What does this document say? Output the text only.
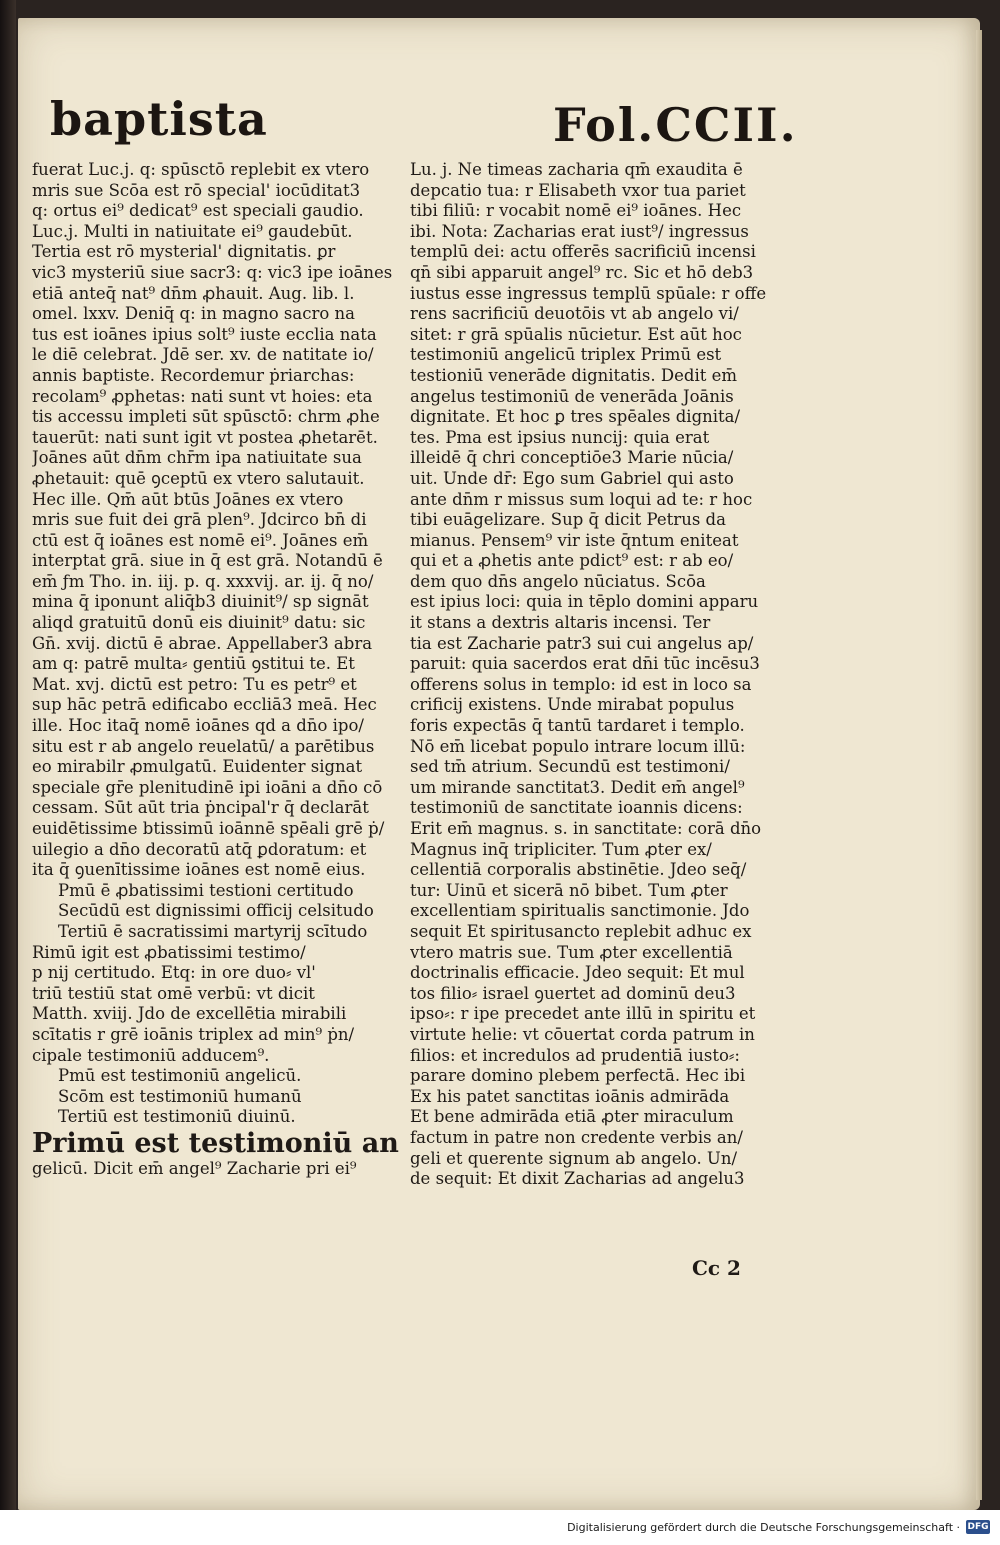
baptista	Fol.CCII.
fuerat Luc.j. q: spūsctō replebit ex vtero
mris sue Scōa est rō special' iocūditat3
q: ortus ei⁹ dedicat⁹ est speciali gaudio.
Luc.j. Multi in natiuitate ei⁹ gaudebūt.
Tertia est rō mysterial' dignitatis. ꝑr
vic3 mysteriū siue sacr3: q: vic3 ipe ioānes
etiā anteq̄ nat⁹ dn̄m ꝓhauit. Aug. lib. l.
omel. lxxv. Deniq̄ q: in magno sacro na
tus est ioānes ipius solt⁹ iuste ecclia nata
le diē celebrat. Jdē ser. xv. de natitate io/
annis baptiste. Recordemur ṗriarchas:
recolam⁹ ꝓphetas: nati sunt vt hoies: eta
tis accessu impleti sūt spūsctō: chrm ꝓhe
tauerūt: nati sunt igit vt postea ꝓhetarēt.
Joānes aūt dn̄m chr̄m ipa natiuitate sua
ꝓhetauit: quē ꝯceptū ex vtero salutauit.
Hec ille. Qm̄ aūt btūs Joānes ex vtero
mris sue fuit dei grā plen⁹. Jdcirco bn̄ di
ctū est q̄ ioānes est nomē ei⁹. Joānes em̄
interptat grā. siue in q̄ est grā. Notandū ē
em̄ ƒm Tho. in. iij. p. q. xxxvij. ar. ij. q̄ no/
mina q̄ iponunt aliq̄b3 diuinit⁹/ sp signāt
aliqd gratuitū donū eis diuinit⁹ datu: sic
Gn̄. xvij. dictū ē abrae. Appellaber3 abra
am q: patrē multa⸗ gentiū ꝯstitui te. Et
Mat. xvj. dictū est petro: Tu es petr⁹ et
sup hāc petrā edificabo eccliā3 meā. Hec
ille. Hoc itaq̄ nomē ioānes qd a dn̄o ipo/
situ est r ab angelo reuelatū/ a parētibus
eo mirabilr ꝓmulgatū. Euidenter signat
speciale gr̄e plenitudinē ipi ioāni a dn̄o cō
cessam. Sūt aūt tria ṗncipal'r q̄ declarāt
euidētissime btissimū ioānnē spēali grē ṗ/
uilegio a dn̄o decoratū atq̄ ꝑdoratum: et
ita q̄ ꝯuenītissime ioānes est nomē eius.
Pmū ē ꝓbatissimi testioni certitudo
Secūdū est dignissimi officij celsitudo
Tertiū ē sacratissimi martyrij scītudo
Rimū igit est ꝓbatissimi testimo/
p nij certitudo. Etq: in ore duo⸗ vl'
triū testiū stat omē verbū: vt dicit
Matth. xviij. Jdo de excellētia mirabili
scītatis r grē ioānis triplex ad min⁹ ṗn/
cipale testimoniū adducem⁹.
Pmū est testimoniū angelicū.
Scōm est testimoniū humanū
Tertiū est testimoniū diuinū.
Primū est testimoniū an
gelicū. Dicit em̄ angel⁹ Zacharie pri ei⁹
Lu. j. Ne timeas zacharia qm̄ exaudita ē
depcatio tua: r Elisabeth vxor tua pariet
tibi filiū: r vocabit nomē ei⁹ ioānes. Hec
ibi. Nota: Zacharias erat iust⁹/ ingressus
templū dei: actu offerēs sacrificiū incensi
qn̄ sibi apparuit angel⁹ rc. Sic et hō deb3
iustus esse ingressus templū spūale: r offe
rens sacrificiū deuotōis vt ab angelo vi/
sitet: r grā spūalis nūcietur. Est aūt hoc
testimoniū angelicū triplex Primū est
testioniū venerāde dignitatis. Dedit em̄
angelus testimoniū de venerāda Joānis
dignitate. Et hoc ꝑ tres spēales dignita/
tes. Pma est ipsius nuncij: quia erat
illeidē q̄ chri conceptiōe3 Marie nūcia/
uit. Unde dr̄: Ego sum Gabriel qui asto
ante dn̄m r missus sum loqui ad te: r hoc
tibi euāgelizare. Sup q̄ dicit Petrus da
mianus. Pensem⁹ vir iste q̄ntum eniteat
qui et a ꝓhetis ante pdict⁹ est: r ab eo/
dem quo dn̄s angelo nūciatus. Scōa
est ipius loci: quia in tēplo domini apparu
it stans a dextris altaris incensi. Ter
tia est Zacharie patr3 sui cui angelus ap/
paruit: quia sacerdos erat dn̄i tūc incēsu3
offerens solus in templo: id est in loco sa
crificij existens. Unde mirabat populus
foris expectās q̄ tantū tardaret i templo.
Nō em̄ licebat populo intrare locum illū:
sed tm̄ atrium. Secundū est testimoni/
um mirande sanctitat3. Dedit em̄ angel⁹
testimoniū de sanctitate ioannis dicens:
Erit em̄ magnus. s. in sanctitate: corā dn̄o
Magnus inq̄ tripliciter. Tum ꝓter ex/
cellentiā corporalis abstinētie. Jdeo seq̄/
tur: Uinū et sicerā nō bibet. Tum ꝓter
excellentiam spiritualis sanctimonie. Jdo
sequit Et spiritusancto replebit adhuc ex
vtero matris sue. Tum ꝓter excellentiā
doctrinalis efficacie. Jdeo sequit: Et mul
tos filio⸗ israel ꝯuertet ad dominū deu3
ipso⸗: r ipe precedet ante illū in spiritu et
virtute helie: vt cōuertat corda patrum in
filios: et incredulos ad prudentiā iusto⸗:
parare domino plebem perfectā. Hec ibi
Ex his patet sanctitas ioānis admirāda
Et bene admirāda etiā ꝓter miraculum
factum in patre non credente verbis an/
geli et querente signum ab angelo. Un/
de sequit: Et dixit Zacharias ad angelu3
Cc 2
Digitalisierung gefördert durch die Deutsche Forschungsgemeinschaft · DFG
